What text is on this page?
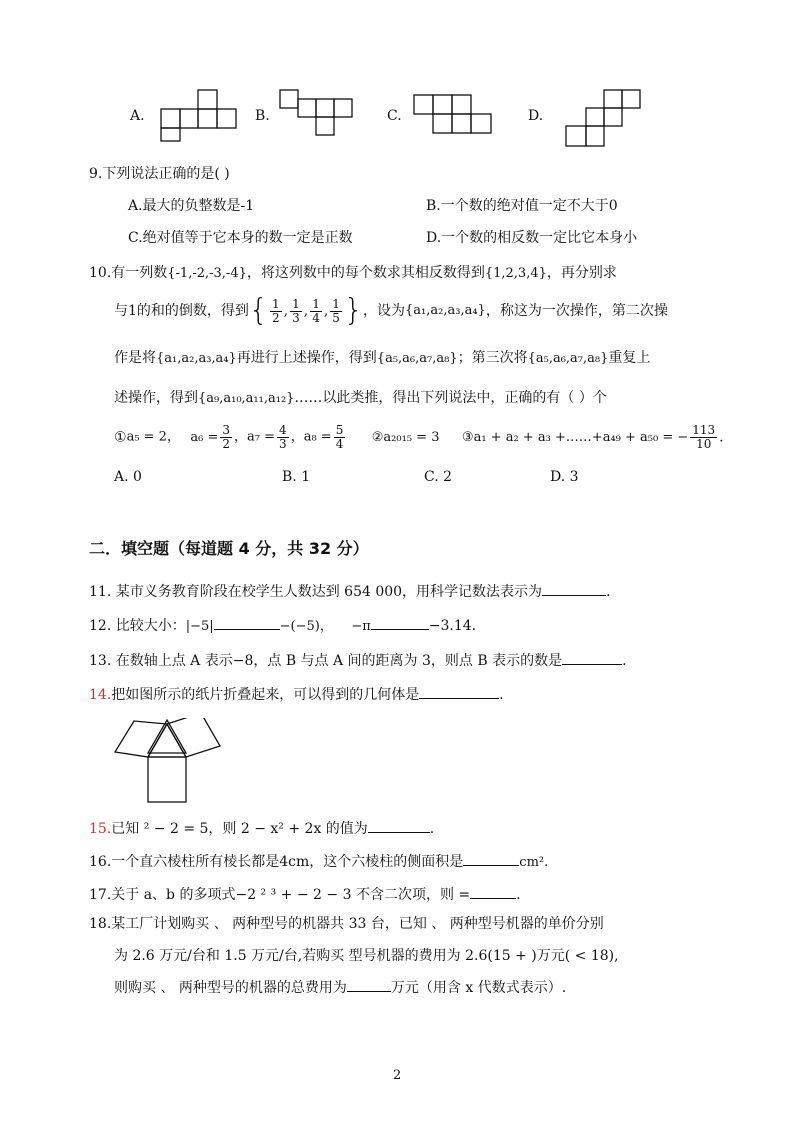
A.	B.	C.	D.
9.下列说法正确的是( )
A.最大的负整数是-1	B.一个数的绝对值一定不大于0
C.绝对值等于它本身的数一定是正数	D.一个数的相反数一定比它本身小
10.有一列数{-1,-2,-3,-4}，将这列数中的每个数求其相反数得到{1,2,3,4}，再分别求
与1的和的倒数，得到{ $\frac{1}{2}$ , $\frac{1}{3}$ , $\frac{1}{4}$ , $\frac{1}{5}$ }，设为{a₁,a₂,a₃,a₄}，称这为一次操作，第二次操
作是将{a₁,a₂,a₃,a₄}再进行上述操作，得到{a₅,a₆,a₇,a₈}；第三次将{a₅,a₆,a₇,a₈}重复上
述操作，得到{a₉,a₁₀,a₁₁,a₁₂}……以此类推，得出下列说法中，正确的有（ ）个
①a₅ = 2， $a_6 = \frac{3}{2}$ ，$a_7 = \frac{4}{3}$ ，$a_8 = \frac{5}{4}$ ②a₂₀₁₅ = 3 ③a₁ + a₂ + a₃ +……+a₄₉ + a₅₀ = − $\frac{113}{10}$ .
A. 0	B. 1	C. 2	D. 3
二．填空题（每道题 4 分，共 32 分）
11. 某市义务教育阶段在校学生人数达到 654 000，用科学记数法表示为	.
12. 比较大小：|−5|	−(−5)， −π	−3.14.
13. 在数轴上点 A 表示−8，点 B 与点 A 间的距离为 3，则点 B 表示的数是	.
14.把如图所示的纸片折叠起来，可以得到的几何体是	.
15.已知 ² − 2 = 5，则 2 − x² + 2x 的值为	.
16.一个直六棱柱所有棱长都是4cm，这个六棱柱的侧面积是	cm².
17.关于 a、b 的多项式−2 ² ³ + − 2 − 3 不含二次项，则 =	.
18.某工厂计划购买 、 两种型号的机器共 33 台，已知 、 两种型号机器的单价分别
为 2.6 万元/台和 1.5 万元/台,若购买 型号机器的费用为 2.6(15 + )万元( < 18),
则购买 、 两种型号的机器的总费用为	万元（用含 x 代数式表示）.
2
